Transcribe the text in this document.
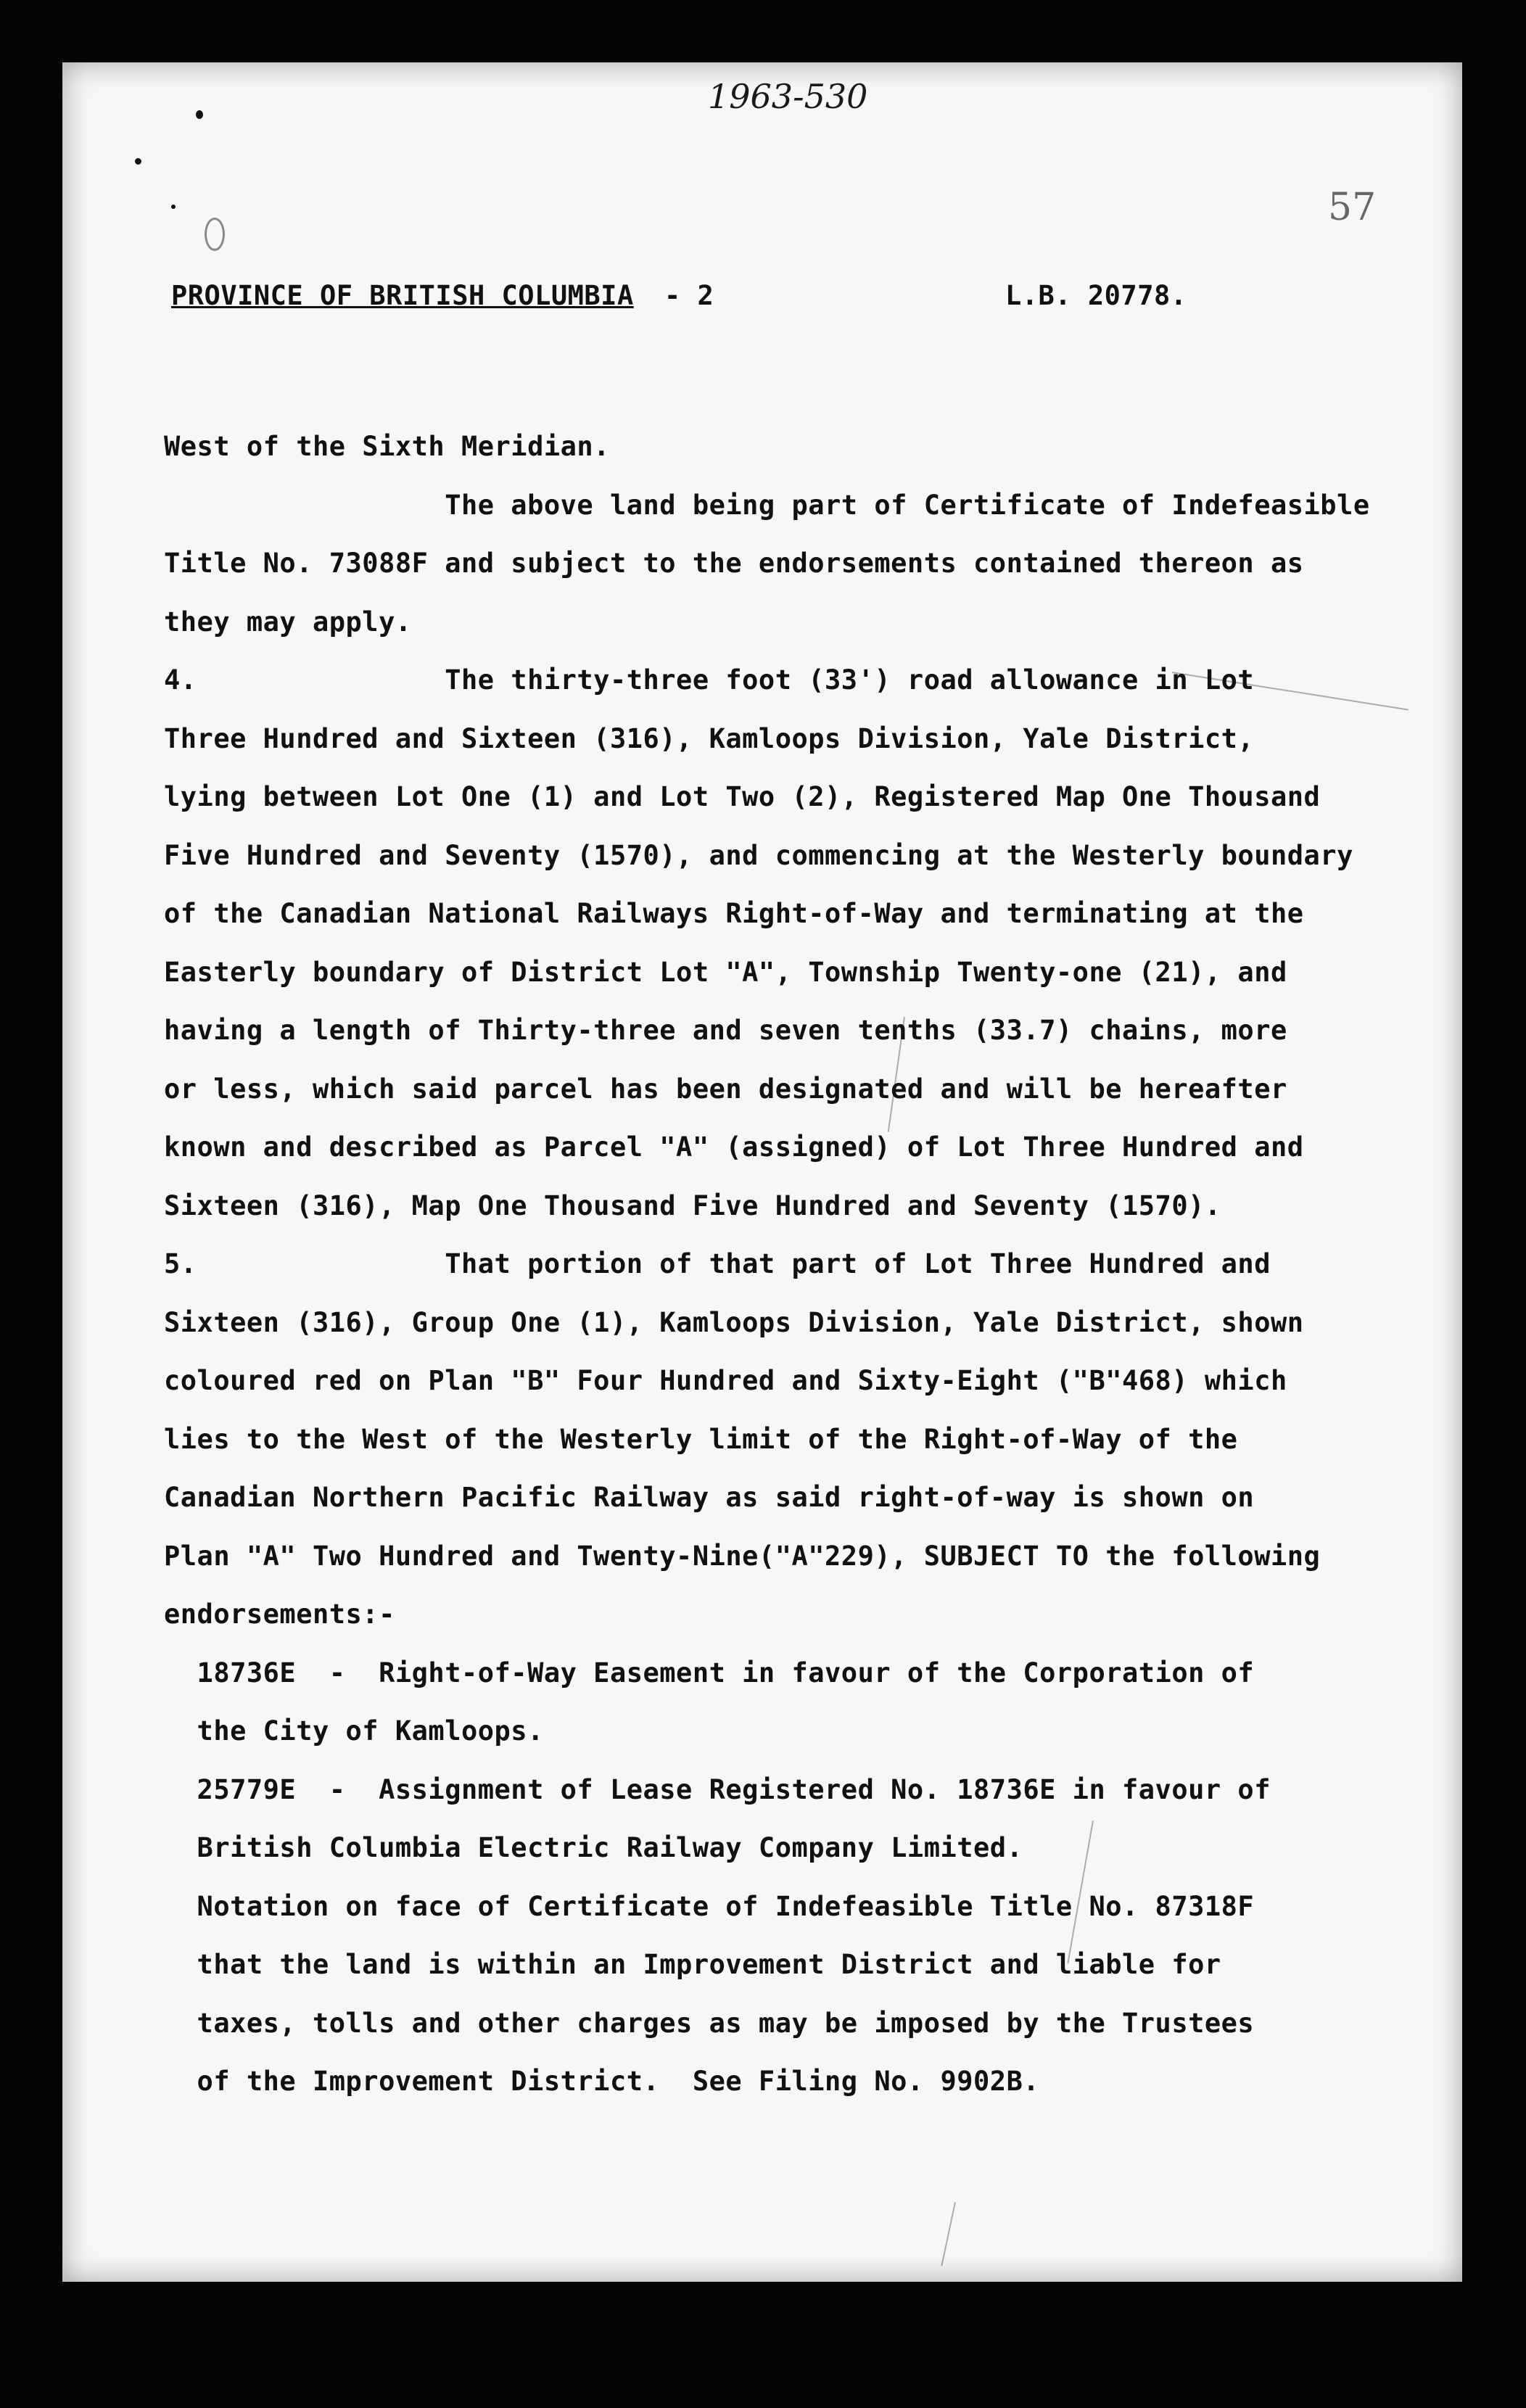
1963-530
57
PROVINCE OF BRITISH COLUMBIA - 2	L.B. 20778.
West of the Sixth Meridian.
The above land being part of Certificate of Indefeasible
Title No. 73088F and subject to the endorsements contained thereon as
they may apply.
4.               The thirty-three foot (33') road allowance in Lot
Three Hundred and Sixteen (316), Kamloops Division, Yale District,
lying between Lot One (1) and Lot Two (2), Registered Map One Thousand
Five Hundred and Seventy (1570), and commencing at the Westerly boundary
of the Canadian National Railways Right-of-Way and terminating at the
Easterly boundary of District Lot "A", Township Twenty-one (21), and
having a length of Thirty-three and seven tenths (33.7) chains, more
or less, which said parcel has been designated and will be hereafter
known and described as Parcel "A" (assigned) of Lot Three Hundred and
Sixteen (316), Map One Thousand Five Hundred and Seventy (1570).
5.               That portion of that part of Lot Three Hundred and
Sixteen (316), Group One (1), Kamloops Division, Yale District, shown
coloured red on Plan "B" Four Hundred and Sixty-Eight ("B"468) which
lies to the West of the Westerly limit of the Right-of-Way of the
Canadian Northern Pacific Railway as said right-of-way is shown on
Plan "A" Two Hundred and Twenty-Nine("A"229), SUBJECT TO the following
endorsements:-
18736E  -  Right-of-Way Easement in favour of the Corporation of
the City of Kamloops.
25779E  -  Assignment of Lease Registered No. 18736E in favour of
British Columbia Electric Railway Company Limited.
Notation on face of Certificate of Indefeasible Title No. 87318F
that the land is within an Improvement District and liable for
taxes, tolls and other charges as may be imposed by the Trustees
of the Improvement District.  See Filing No. 9902B.
